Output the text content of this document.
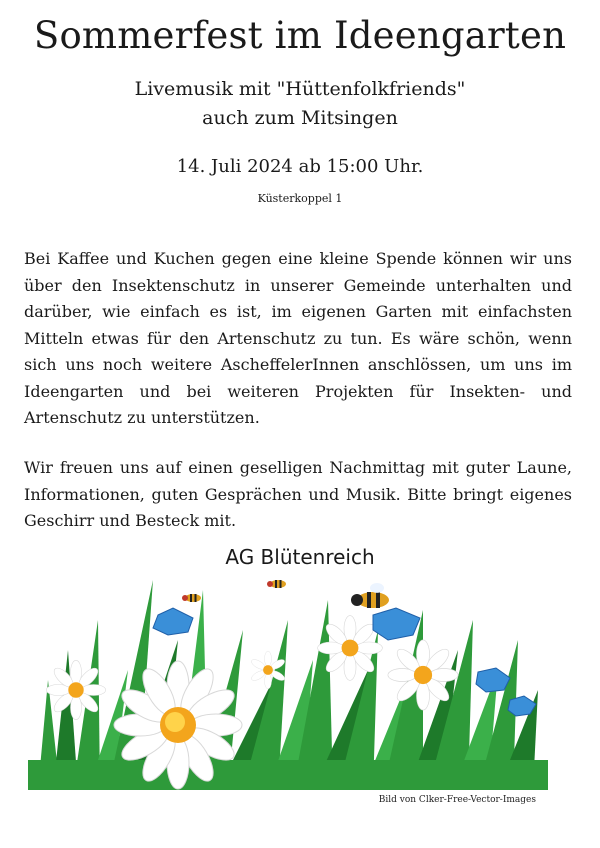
Sommerfest im Ideengarten
Livemusik mit "Hüttenfolkfriends"
auch zum Mitsingen
14. Juli 2024 ab 15:00 Uhr.
Küsterkoppel 1

Bei Kaffee und Kuchen gegen eine kleine Spende können wir uns über den Insektenschutz in unserer Gemeinde unterhalten und darüber, wie einfach es ist, im eigenen Garten mit einfachsten Mitteln etwas für den Artenschutz zu tun. Es wäre schön, wenn sich uns noch weitere AscheffelerInnen anschlössen, um uns im Ideengarten und bei weiteren Projekten für Insekten- und Artenschutz zu unterstützen.

Wir freuen uns auf einen geselligen Nachmittag mit guter Laune, Informationen, guten Gesprächen und Musik. Bitte bringt eigenes Geschirr und Besteck mit.

AG Blütenreich
Bild von Clker-Free-Vector-Images
